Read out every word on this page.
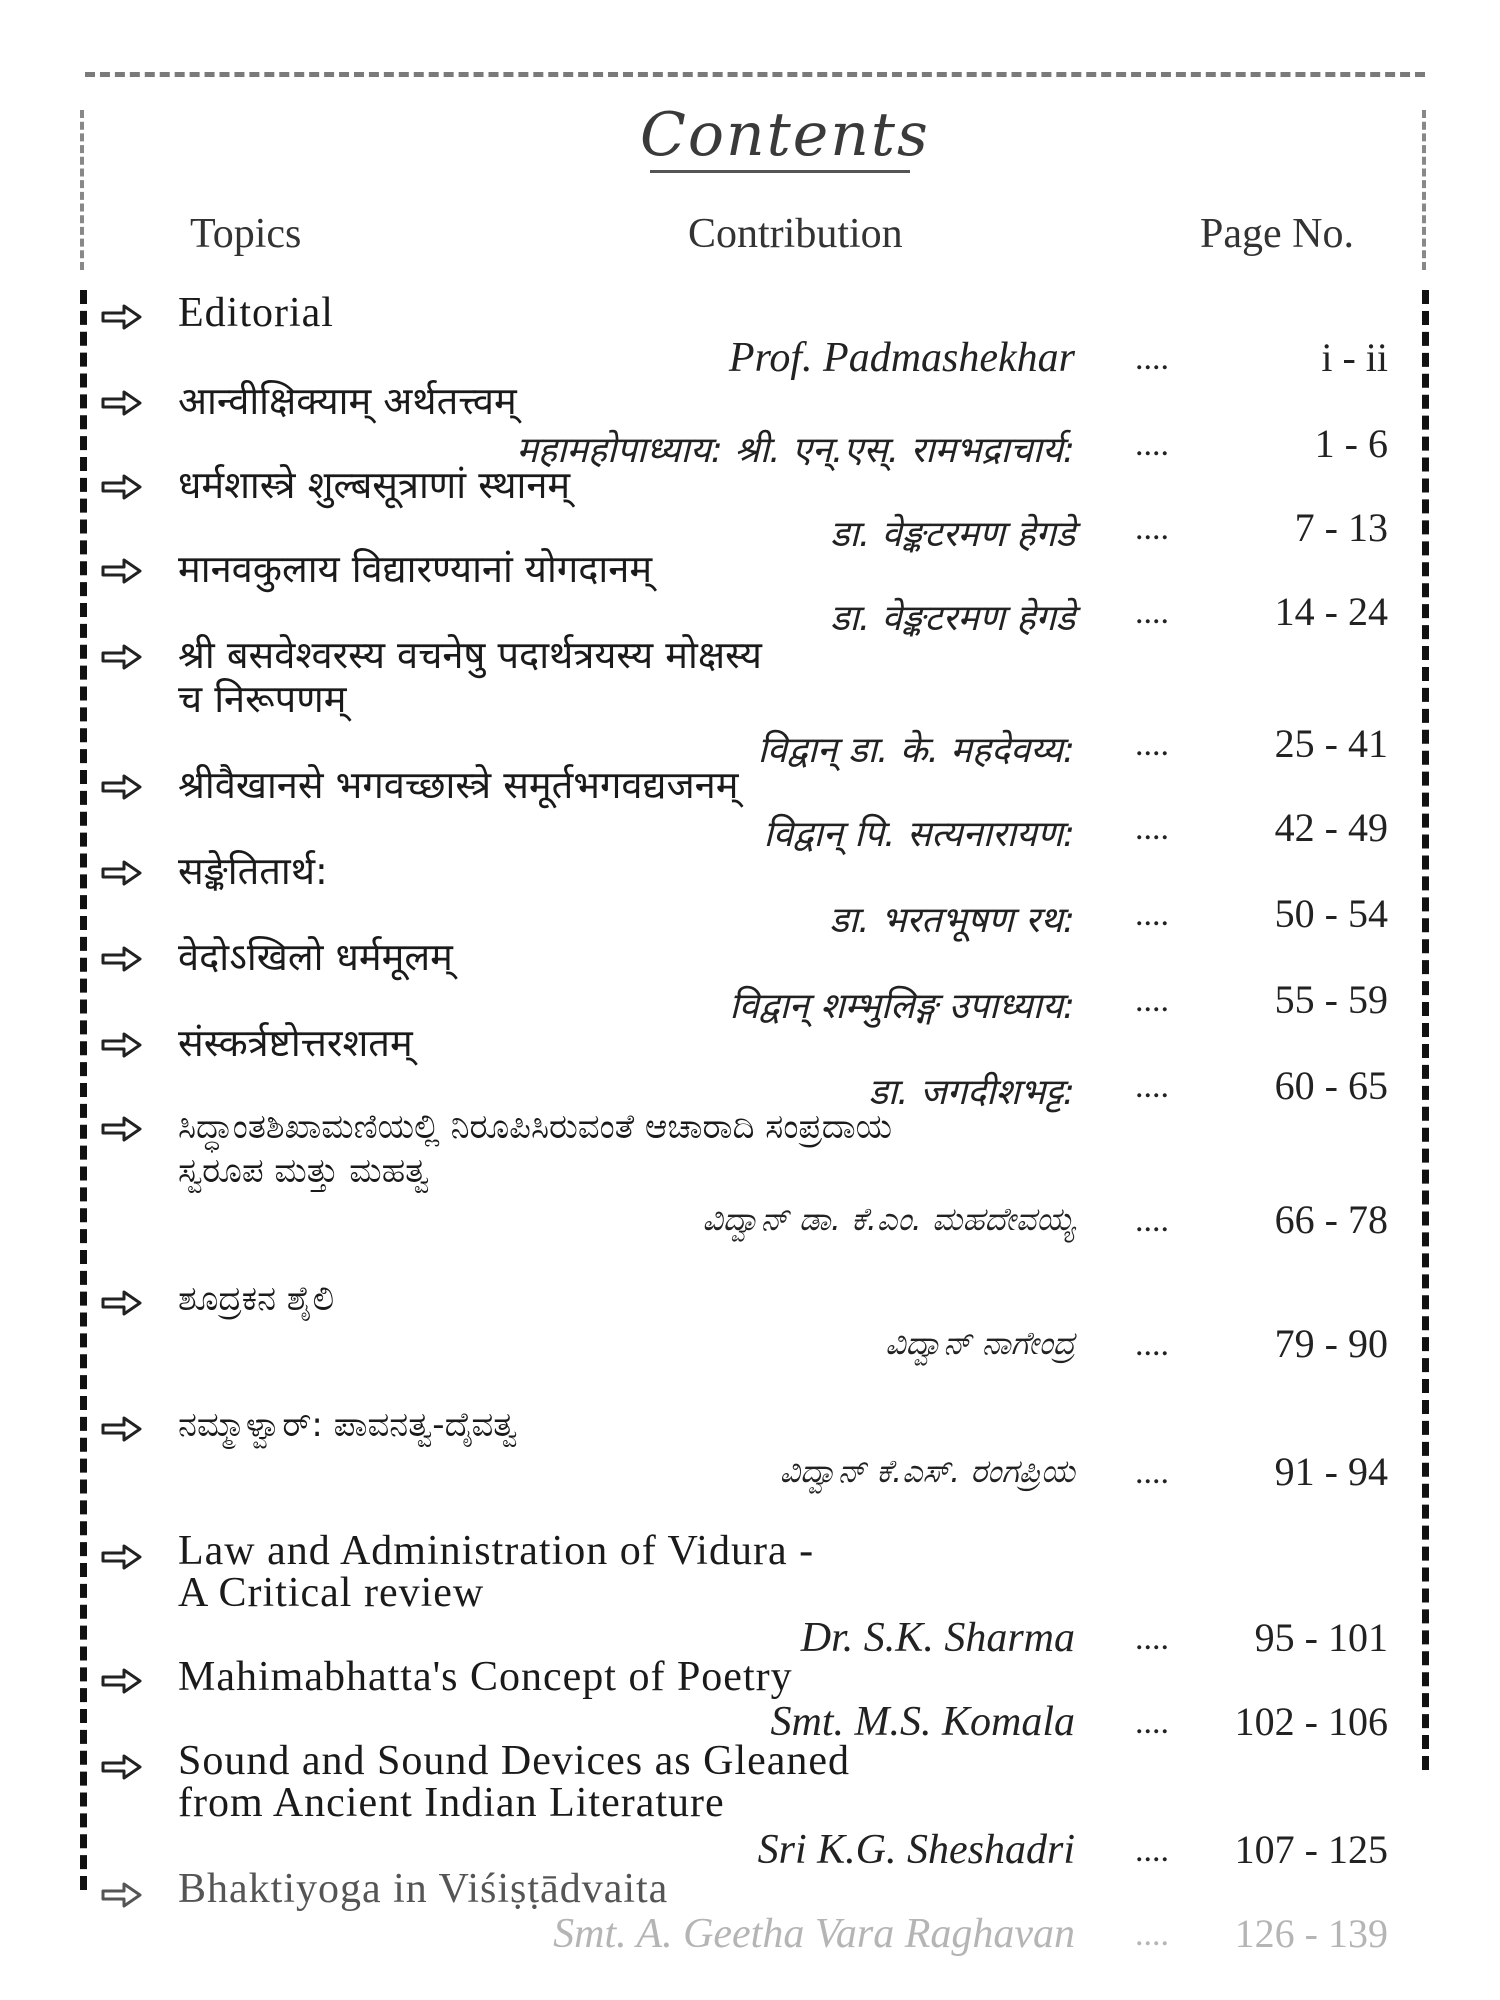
Contents
Topics	Contribution	Page No.
Editorial
Prof. Padmashekhar ....	i - ii
आन्वीक्षिक्याम् अर्थतत्त्वम्
महामहोपाध्याय: श्री. एन्.एस्. रामभद्राचार्य: ....	1 - 6
धर्मशास्त्रे शुल्बसूत्राणां स्थानम्
डा. वेङ्कटरमण हेगडे ....	7 - 13
मानवकुलाय विद्यारण्यानां योगदानम्
डा. वेङ्कटरमण हेगडे ....	14 - 24
श्री बसवेश्वरस्य वचनेषु पदार्थत्रयस्य मोक्षस्य
च निरूपणम्
विद्वान् डा. के. महदेवय्य: ....	25 - 41
श्रीवैखानसे भगवच्छास्त्रे समूर्तभगवद्यजनम्
विद्वान् पि. सत्यनारायण: ....	42 - 49
सङ्केतितार्थ:
डा. भरतभूषण रथ: ....	50 - 54
वेदोऽखिलो धर्ममूलम्
विद्वान् शम्भुलिङ्ग उपाध्याय: ....	55 - 59
संस्कर्त्रष्टोत्तरशतम्
डा. जगदीशभट्ट: ....	60 - 65
ಸಿದ್ಧಾಂತಶಿಖಾಮಣಿಯಲ್ಲಿ ನಿರೂಪಿಸಿರುವಂತೆ ಆಚಾರಾದಿ ಸಂಪ್ರದಾಯ
ಸ್ವರೂಪ ಮತ್ತು ಮಹತ್ವ
ವಿದ್ವಾನ್ ಡಾ. ಕೆ.ಎಂ. ಮಹದೇವಯ್ಯ ....	66 - 78
ಶೂದ್ರಕನ ಶೈಲಿ
ವಿದ್ವಾನ್ ನಾಗೇಂದ್ರ ....	79 - 90
ನಮ್ಮಾಳ್ವಾರ್: ಪಾವನತ್ವ-ದೈವತ್ವ
ವಿದ್ವಾನ್ ಕೆ.ಎಸ್. ರಂಗಪ್ರಿಯ ....	91 - 94
Law and Administration of Vidura -
A Critical review
Dr. S.K. Sharma .... 95 - 101
Mahimabhatta's Concept of Poetry
Smt. M.S. Komala .... 102 - 106
Sound and Sound Devices as Gleaned
from Ancient Indian Literature
Sri K.G. Sheshadri .... 107 - 125
Bhaktiyoga in Viśiṣṭādvaita
Smt. A. Geetha Vara Raghavan .... 126 - 139
